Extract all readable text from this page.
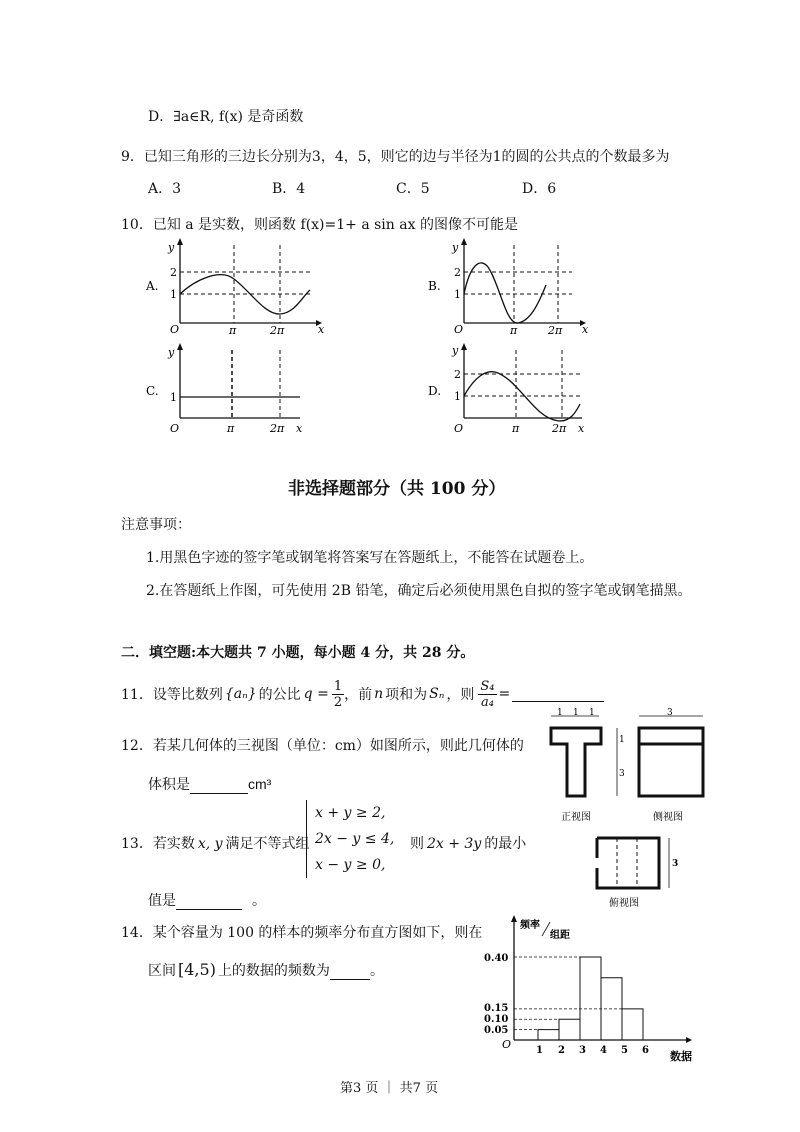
D．∃a∈R, f(x) 是奇函数
9．已知三角形的三边长分别为3，4，5，则它的边与半径为1的圆的公共点的个数最多为
A．3	B．4	C．5	D．6
10．已知 a 是实数，则函数 f(x)=1+ a sin ax 的图像不可能是
A.
y
2
1
O	π	2π	x
B.
y
2
1
O	π	2π x
C.
y
1
O	π	2π x
D.
y
2
1
O	π	2π x
非选择题部分（共 100 分）
注意事项：
1.用黑色字迹的签字笔或钢笔将答案写在答题纸上，不能答在试题卷上。
2.在答题纸上作图，可先使用 2B 铅笔，确定后必须使用黑色自拟的签字笔或钢笔描黑。
二．填空题:本大题共 7 小题，每小题 4 分，共 28 分。
11．设等比数列 {aₙ} 的公比 $q = \frac{1}{2}$ ，前 n 项和为 Sₙ ，则 $\frac{\text{S₄}}{\text{a₄}}$ =
12．若某几何体的三视图（单位：cm）如图所示，则此几何体的
体积是	cm³
1 1 1
正视图
1
3
3
侧视图
3
俯视图
13．若实数 x, y 满足不等式组
x + y ≥ 2,
2x − y ≤ 4,
x − y ≥ 0,
则 2x + 3y 的最小
值是	。
14．某个容量为 100 的样本的频率分布直方图如下，则在
区间 [4,5) 上的数据的频数为	。
频率
组距
数据
O
0.40
0.15
0.10
0.05
1 2 3 4 5 6
第3 页 ｜ 共7 页
